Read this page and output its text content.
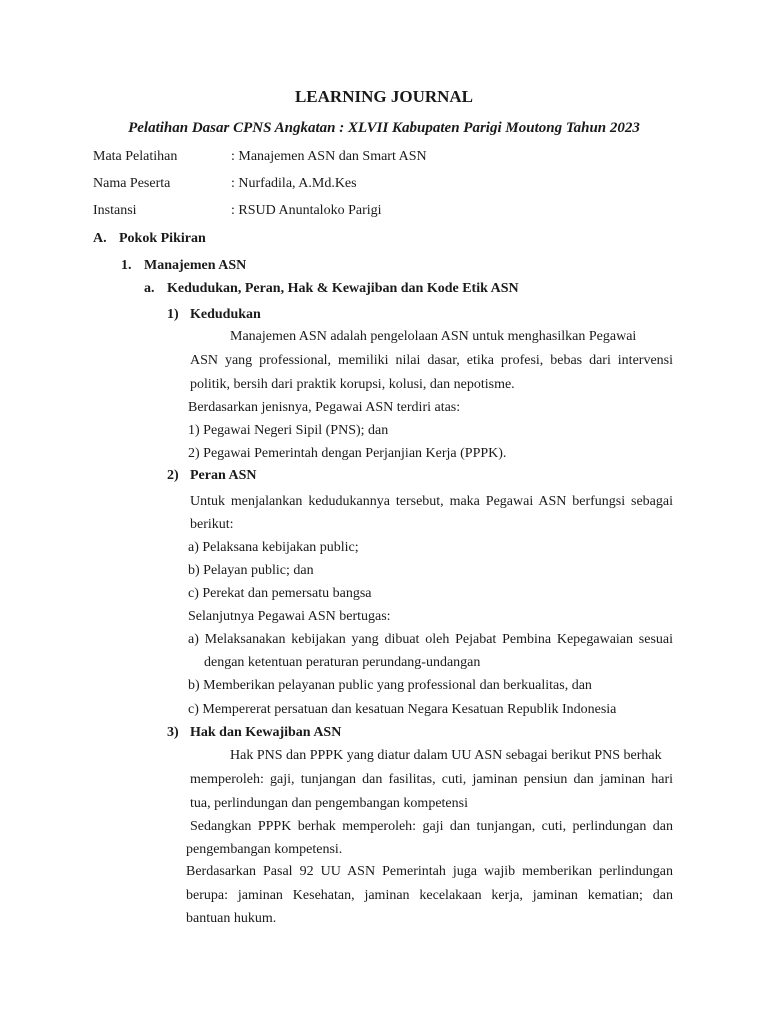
LEARNING JOURNAL
Pelatihan Dasar CPNS Angkatan : XLVII Kabupaten Parigi Moutong Tahun 2023
Mata Pelatihan	: Manajemen ASN dan Smart ASN
Nama Peserta	: Nurfadila, A.Md.Kes
Instansi	: RSUD Anuntaloko Parigi
A. Pokok Pikiran
1. Manajemen ASN
a. Kedudukan, Peran, Hak & Kewajiban dan Kode Etik ASN
1) Kedudukan
Manajemen ASN adalah pengelolaan ASN untuk menghasilkan Pegawai
ASN yang professional, memiliki nilai dasar, etika profesi, bebas dari intervensi
politik, bersih dari praktik korupsi, kolusi, dan nepotisme.
Berdasarkan jenisnya, Pegawai ASN terdiri atas:
1) Pegawai Negeri Sipil (PNS); dan
2) Pegawai Pemerintah dengan Perjanjian Kerja (PPPK).
2) Peran ASN
Untuk menjalankan kedudukannya tersebut, maka Pegawai ASN berfungsi sebagai
berikut:
a) Pelaksana kebijakan public;
b) Pelayan public; dan
c) Perekat dan pemersatu bangsa
Selanjutnya Pegawai ASN bertugas:
a) Melaksanakan kebijakan yang dibuat oleh Pejabat Pembina Kepegawaian sesuai
dengan ketentuan peraturan perundang-undangan
b) Memberikan pelayanan public yang professional dan berkualitas, dan
c) Mempererat persatuan dan kesatuan Negara Kesatuan Republik Indonesia
3) Hak dan Kewajiban ASN
Hak PNS dan PPPK yang diatur dalam UU ASN sebagai berikut PNS berhak
memperoleh: gaji, tunjangan dan fasilitas, cuti, jaminan pensiun dan jaminan hari
tua, perlindungan dan pengembangan kompetensi
Sedangkan PPPK berhak memperoleh: gaji dan tunjangan, cuti, perlindungan dan
pengembangan kompetensi.
Berdasarkan Pasal 92 UU ASN Pemerintah juga wajib memberikan perlindungan
berupa: jaminan Kesehatan, jaminan kecelakaan kerja, jaminan kematian; dan
bantuan hukum.
